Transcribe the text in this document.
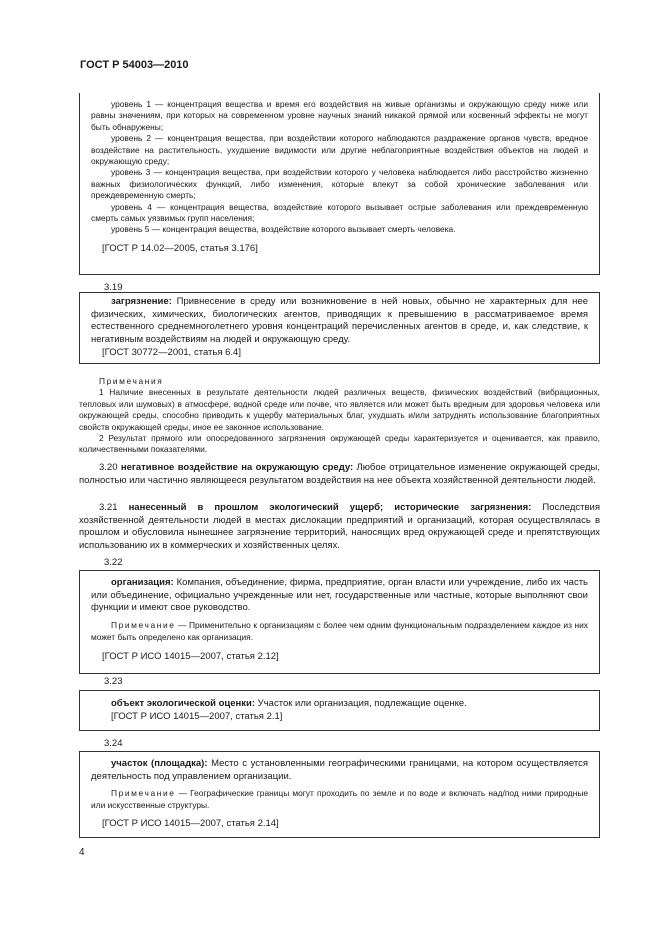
ГОСТ Р 54003—2010

уровень 1 — концентрация вещества и время его воздействия на живые организмы и окружающую среду ниже или равны значениям, при которых на современном уровне научных знаний никакой прямой или косвенный эффекты не могут быть обнаружены;

уровень 2 — концентрация вещества, при воздействии которого наблюдаются раздражение органов чувств, вредное воздействие на растительность, ухудшение видимости или другие неблагоприятные воздействия объектов на людей и окружающую среду;

уровень 3 — концентрация вещества, при воздействии которого у человека наблюдается либо расстройство жизненно важных физиологических функций, либо изменения, которые влекут за собой хронические заболевания или преждевременную смерть;

уровень 4 — концентрация вещества, воздействие которого вызывает острые заболевания или преждевременную смерть самых уязвимых групп населения;

уровень 5 — концентрация вещества, воздействие которого вызывает смерть человека.

[ГОСТ Р 14.02—2005, статья 3.176]

3.19

загрязнение: Привнесение в среду или возникновение в ней новых, обычно не характерных для нее физических, химических, биологических агентов, приводящих к превышению в рассматриваемое время естественного среднемноголетнего уровня концентраций перечисленных агентов в среде, и, как следствие, к негативным воздействиям на людей и окружающую среду.

[ГОСТ 30772—2001, статья 6.4]

Примечания

1 Наличие внесенных в результате деятельности людей различных веществ, физических воздействий (вибрационных, тепловых или шумовых) в атмосфере, водной среде или почве, что является или может быть вредным для здоровья человека или окружающей среды, способно приводить к ущербу материальных благ, ухудшать и/или затруднять использование благоприятных свойств окружающей среды, иное ее законное использование.

2 Результат прямого или опосредованного загрязнения окружающей среды характеризуется и оценивается, как правило, количественными показателями.

3.20 негативное воздействие на окружающую среду: Любое отрицательное изменение окружающей среды, полностью или частично являющееся результатом воздействия на нее объекта хозяйственной деятельности людей.

3.21 нанесенный в прошлом экологический ущерб; исторические загрязнения: Последствия хозяйственной деятельности людей в местах дислокации предприятий и организаций, которая осуществлялась в прошлом и обусловила нынешнее загрязнение территорий, наносящих вред окружающей среде и препятствующих использованию их в коммерческих и хозяйственных целях.

3.22

организация: Компания, объединение, фирма, предприятие, орган власти или учреждение, либо их часть или объединение, официально учрежденные или нет, государственные или частные, которые выполняют свои функции и имеют свое руководство.

Примечание — Применительно к организациям с более чем одним функциональным подразделением каждое из них может быть определено как организация.

[ГОСТ Р ИСО 14015—2007, статья 2.12]

3.23

объект экологической оценки: Участок или организация, подлежащие оценке.

[ГОСТ Р ИСО 14015—2007, статья 2.1]

3.24

участок (площадка): Место с установленными географическими границами, на котором осуществляется деятельность под управлением организации.

Примечание — Географические границы могут проходить по земле и по воде и включать над/под ними природные или искусственные структуры.

[ГОСТ Р ИСО 14015—2007, статья 2.14]

4
